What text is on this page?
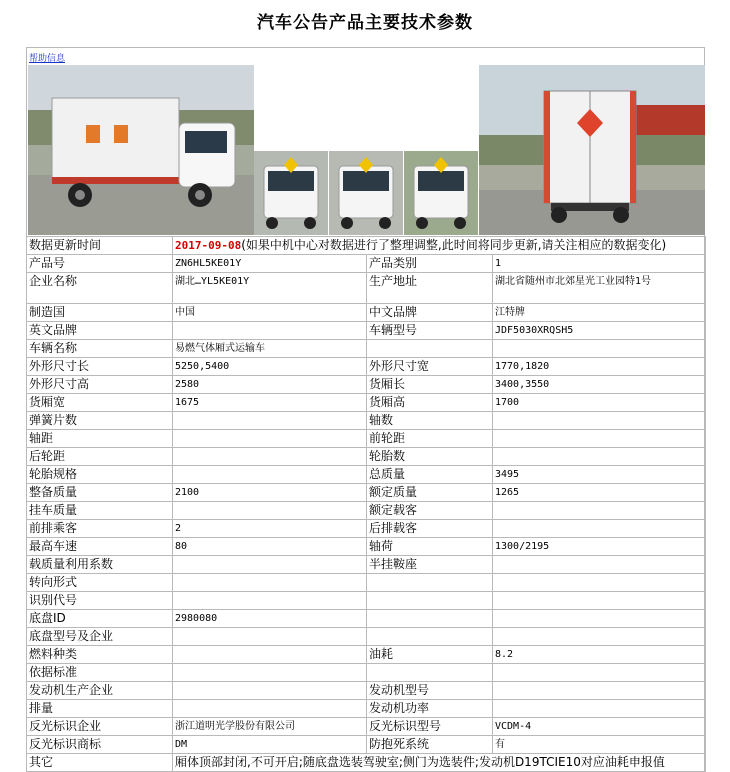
汽车公告产品主要技术参数
帮助信息
数据更新时间	2017-09-08(如果中机中心对数据进行了整理调整,此时间将同步更新,请关注相应的数据变化)		
产品号	ZN6HL5KE01Y	产品类别	1
企业名称	湖北…YL5KE01Y	生产地址	湖北省随州市北郊星光工业园特1号
制造国	中国	中文品牌	江特牌
英文品牌		车辆型号	JDF5030XRQSH5
车辆名称	易燃气体厢式运输车		
外形尺寸长	5250,5400	外形尺寸宽	1770,1820
外形尺寸高	2580	货厢长	3400,3550
货厢宽	1675	货厢高	1700
弹簧片数		轴数	
轴距		前轮距	
后轮距		轮胎数	
轮胎规格		总质量	3495
整备质量	2100	额定质量	1265
挂车质量		额定载客	
前排乘客	2	后排载客	
最高车速	80	轴荷	1300/2195
载质量利用系数		半挂鞍座	
转向形式			
识别代号			
底盘ID	2980080		
底盘型号及企业			
燃料种类		油耗	8.2
依据标准			
发动机生产企业		发动机型号	
排量		发动机功率	
反光标识企业	浙江道明光学股份有限公司	反光标识型号	VCDM-4
反光标识商标	DM	防抱死系统	有
其它	厢体顶部封闭,不可开启;随底盘选装驾驶室;侧门为选装件;发动机D19TCIE10对应油耗申报值		
